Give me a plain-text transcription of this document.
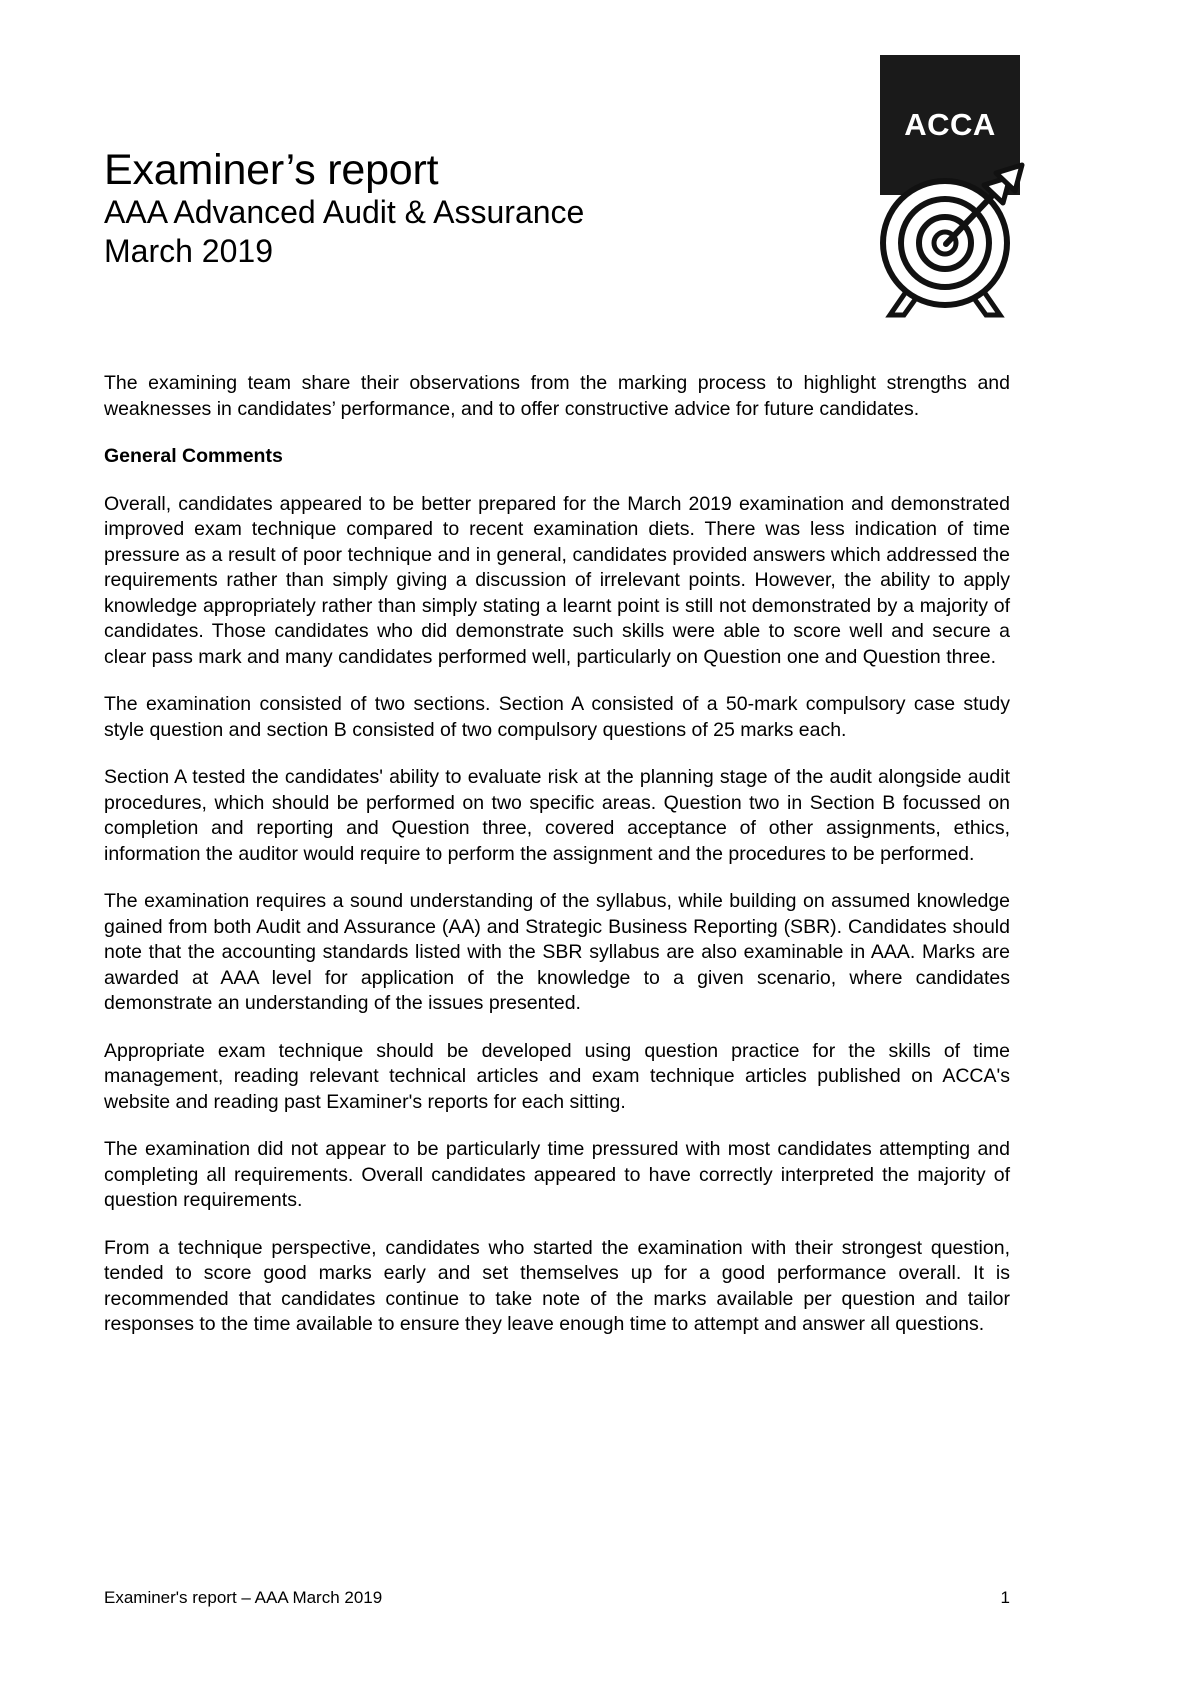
Examiner’s report
AAA Advanced Audit & Assurance
March 2019
ACCA

The examining team share their observations from the marking process to highlight strengths and weaknesses in candidates’ performance, and to offer constructive advice for future candidates.

General Comments

Overall, candidates appeared to be better prepared for the March 2019 examination and demonstrated improved exam technique compared to recent examination diets. There was less indication of time pressure as a result of poor technique and in general, candidates provided answers which addressed the requirements rather than simply giving a discussion of irrelevant points. However, the ability to apply knowledge appropriately rather than simply stating a learnt point is still not demonstrated by a majority of candidates. Those candidates who did demonstrate such skills were able to score well and secure a clear pass mark and many candidates performed well, particularly on Question one and Question three.

The examination consisted of two sections. Section A consisted of a 50-mark compulsory case study style question and section B consisted of two compulsory questions of 25 marks each.

Section A tested the candidates' ability to evaluate risk at the planning stage of the audit alongside audit procedures, which should be performed on two specific areas. Question two in Section B focussed on completion and reporting and Question three, covered acceptance of other assignments, ethics, information the auditor would require to perform the assignment and the procedures to be performed.

The examination requires a sound understanding of the syllabus, while building on assumed knowledge gained from both Audit and Assurance (AA) and Strategic Business Reporting (SBR). Candidates should note that the accounting standards listed with the SBR syllabus are also examinable in AAA. Marks are awarded at AAA level for application of the knowledge to a given scenario, where candidates demonstrate an understanding of the issues presented.

Appropriate exam technique should be developed using question practice for the skills of time management, reading relevant technical articles and exam technique articles published on ACCA's website and reading past Examiner's reports for each sitting.

The examination did not appear to be particularly time pressured with most candidates attempting and completing all requirements. Overall candidates appeared to have correctly interpreted the majority of question requirements.

From a technique perspective, candidates who started the examination with their strongest question, tended to score good marks early and set themselves up for a good performance overall. It is recommended that candidates continue to take note of the marks available per question and tailor responses to the time available to ensure they leave enough time to attempt and answer all questions.

Examiner's report – AAA March 2019	1
